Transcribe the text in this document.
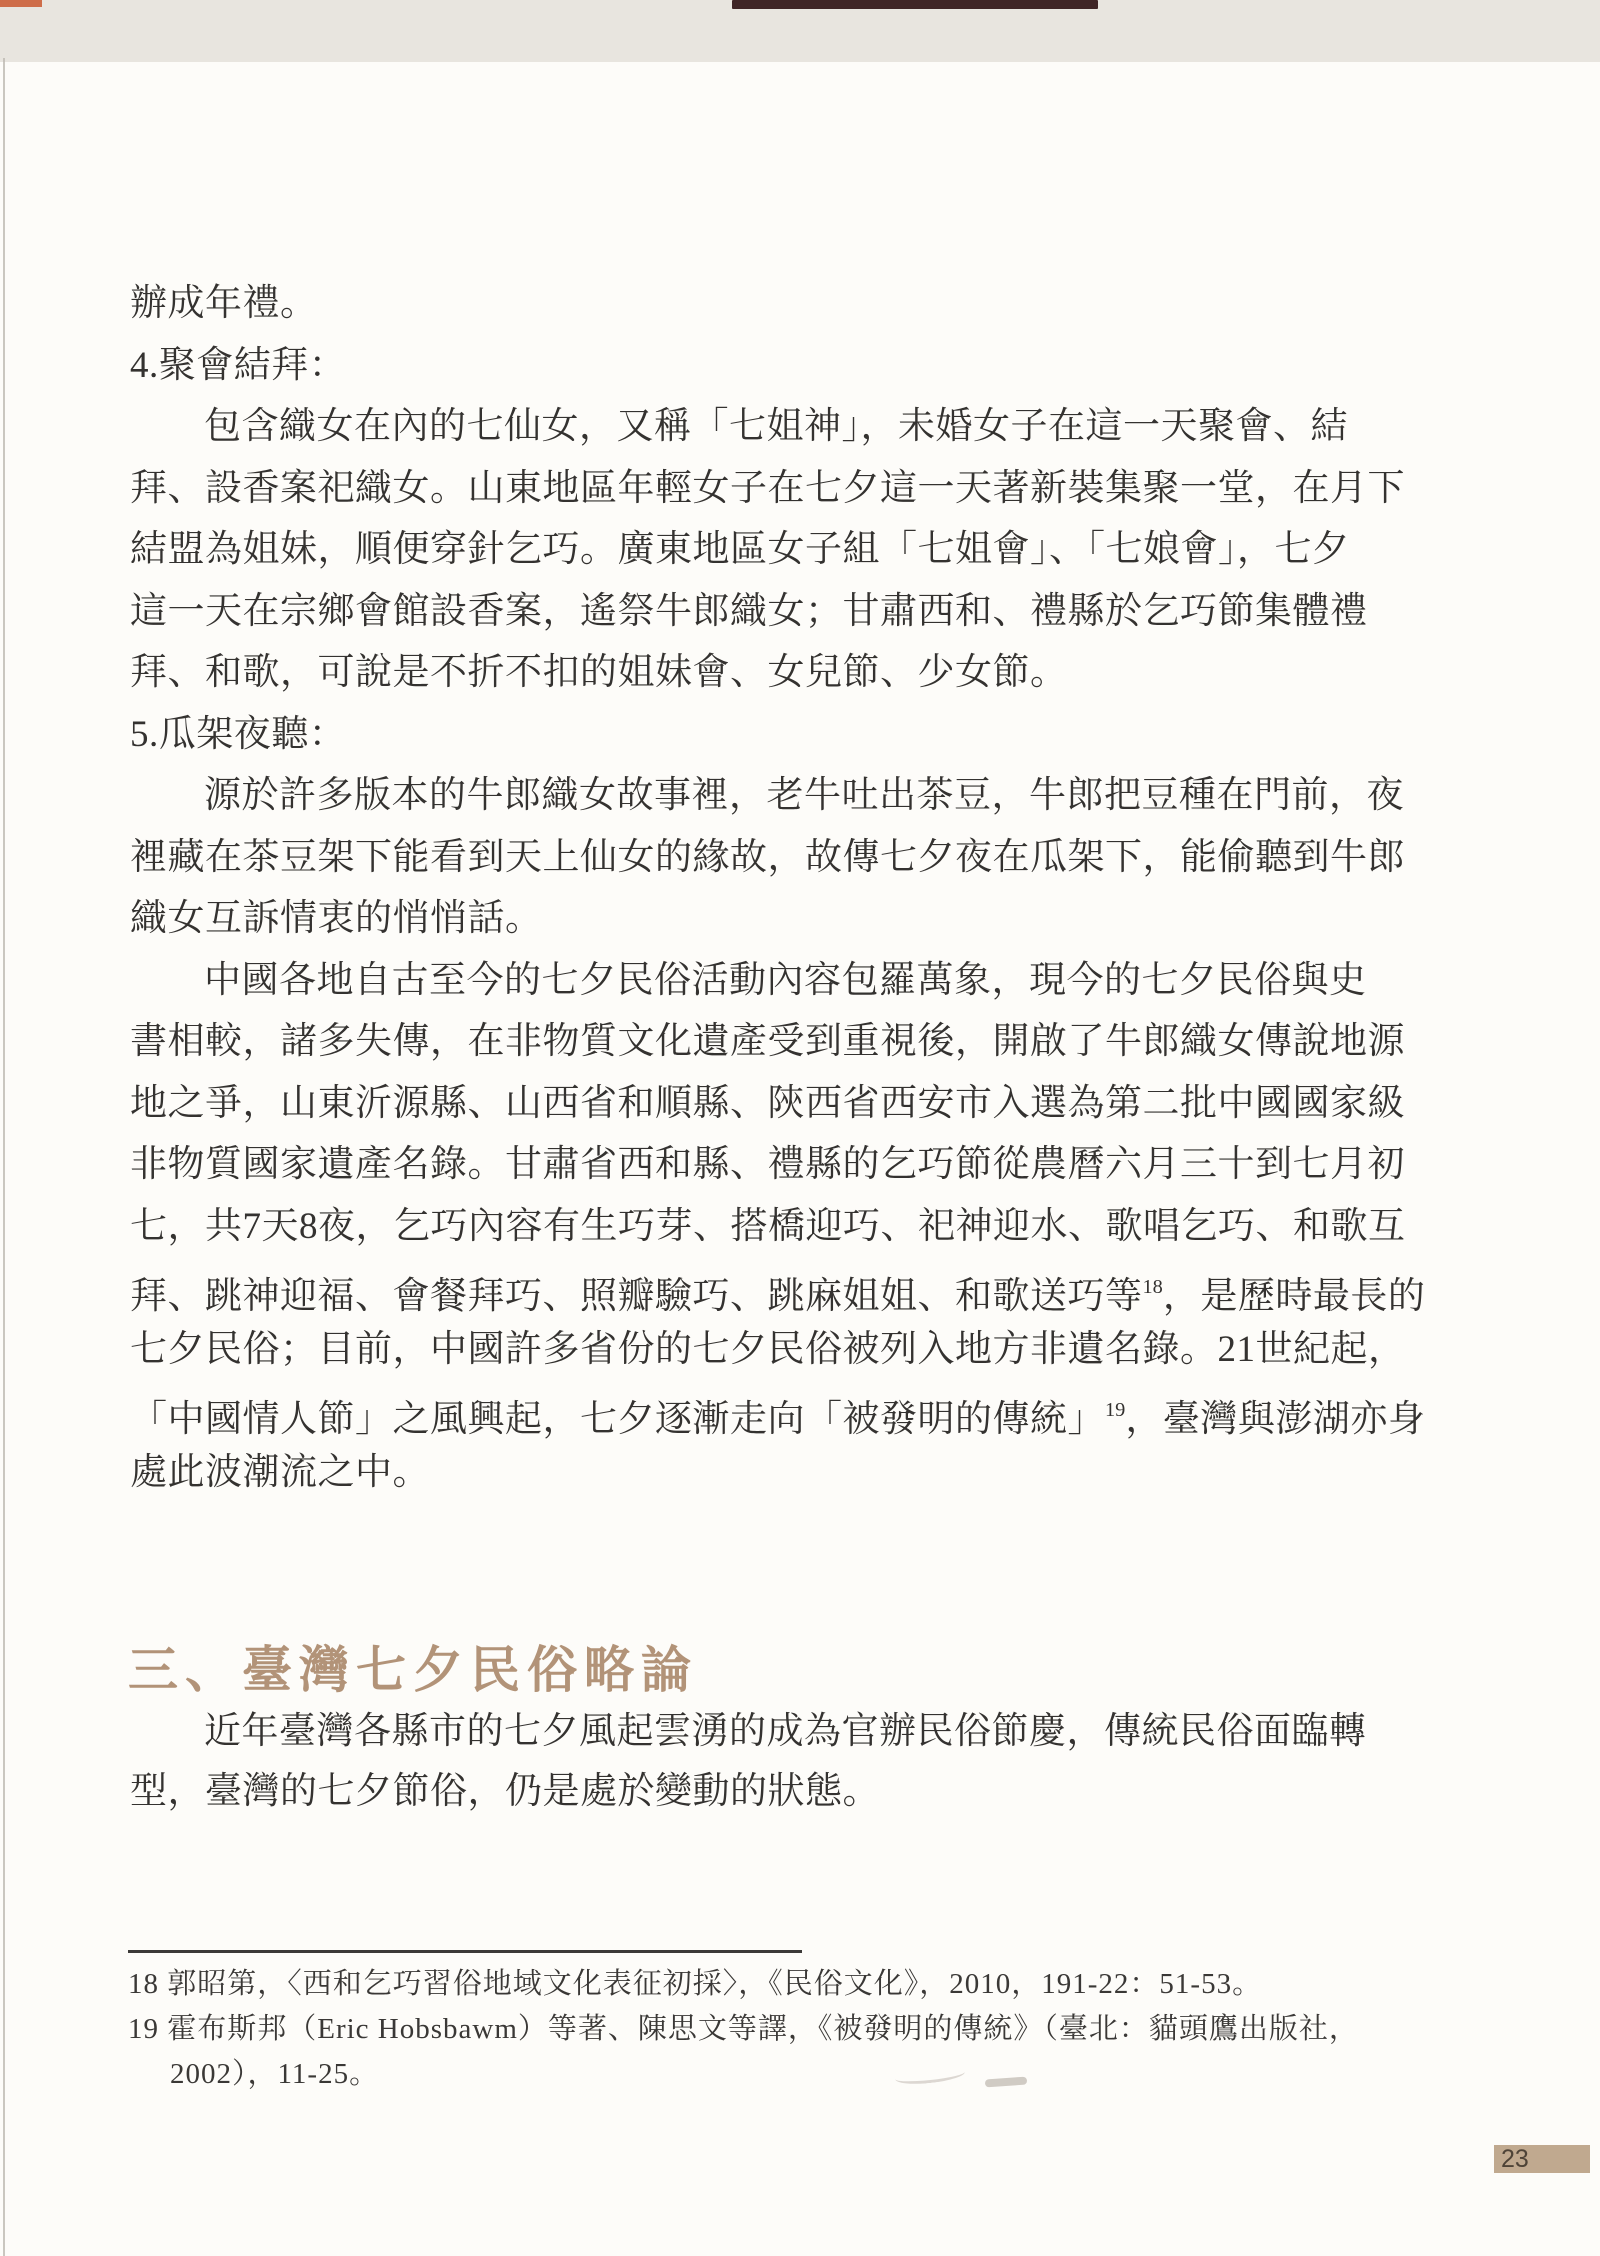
辦成年禮。
4.聚會結拜：
包含織女在內的七仙女，又稱「七姐神」，未婚女子在這一天聚會、結
拜、設香案祀織女。山東地區年輕女子在七夕這一天著新裝集聚一堂，在月下
結盟為姐妹，順便穿針乞巧。廣東地區女子組「七姐會」、「七娘會」，七夕
這一天在宗鄉會館設香案，遙祭牛郎織女；甘肅西和、禮縣於乞巧節集體禮
拜、和歌，可說是不折不扣的姐妹會、女兒節、少女節。
5.瓜架夜聽：
源於許多版本的牛郎織女故事裡，老牛吐出茶豆，牛郎把豆種在門前，夜
裡藏在茶豆架下能看到天上仙女的緣故，故傳七夕夜在瓜架下，能偷聽到牛郎
織女互訴情衷的悄悄話。
中國各地自古至今的七夕民俗活動內容包羅萬象，現今的七夕民俗與史
書相較，諸多失傳，在非物質文化遺產受到重視後，開啟了牛郎織女傳說地源
地之爭，山東沂源縣、山西省和順縣、陝西省西安市入選為第二批中國國家級
非物質國家遺產名錄。甘肅省西和縣、禮縣的乞巧節從農曆六月三十到七月初
七，共7天8夜，乞巧內容有生巧芽、搭橋迎巧、祀神迎水、歌唱乞巧、和歌互
拜、跳神迎福、會餐拜巧、照瓣驗巧、跳麻姐姐、和歌送巧等$^{18}$，是歷時最長的
七夕民俗；目前，中國許多省份的七夕民俗被列入地方非遺名錄。21世紀起，
「中國情人節」之風興起，七夕逐漸走向「被發明的傳統」$^{19}$，臺灣與澎湖亦身
處此波潮流之中。
三、臺灣七夕民俗略論
近年臺灣各縣市的七夕風起雲湧的成為官辦民俗節慶，傳統民俗面臨轉
型，臺灣的七夕節俗，仍是處於變動的狀態。
18 郭昭第，〈西和乞巧習俗地域文化表征初採〉，《民俗文化》，2010，191-22：51-53。
19 霍布斯邦（Eric Hobsbawm）等著、陳思文等譯，《被發明的傳統》（臺北：貓頭鷹出版社，
2002），11-25。
23
